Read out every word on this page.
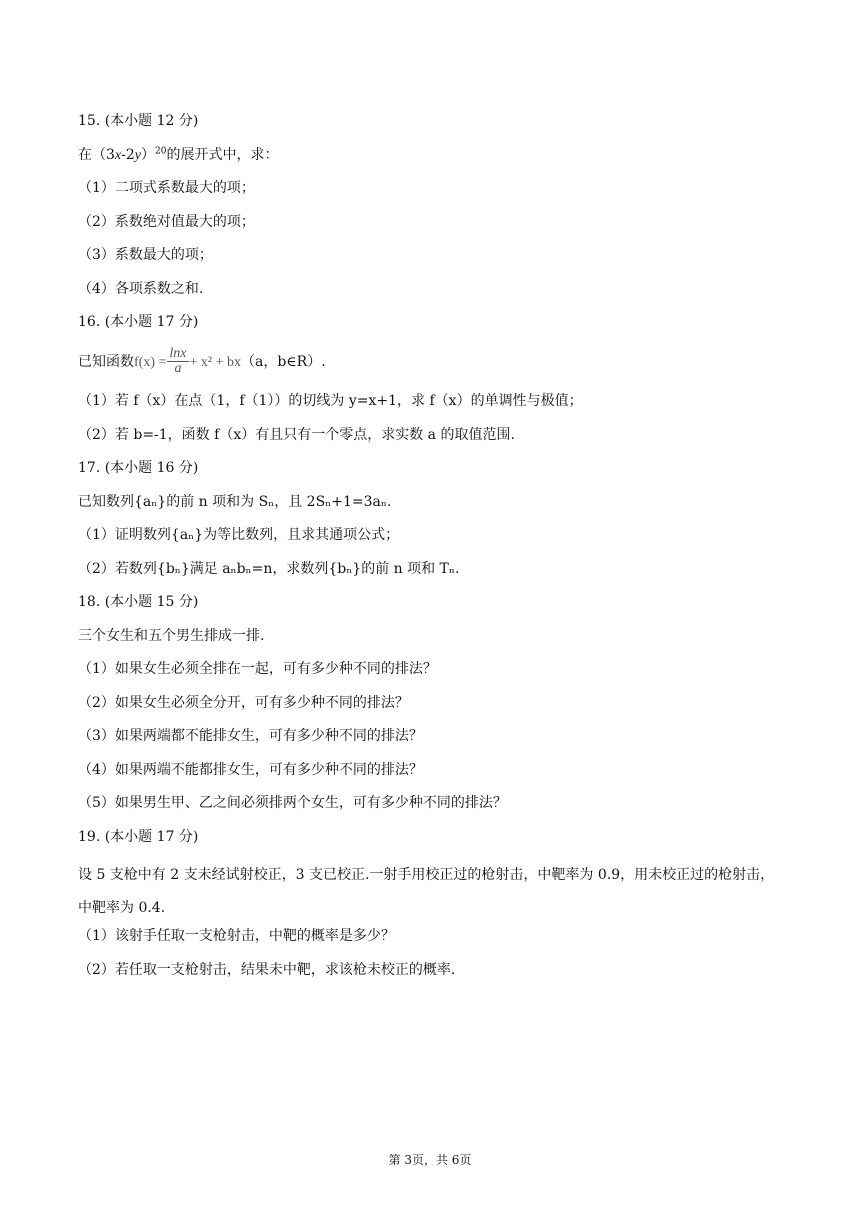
15. (本小题 12 分)
在$(3x-2y)^{20}$的展开式中，求：
（1）二项式系数最大的项；
（2）系数绝对值最大的项；
（3）系数最大的项；
（4）各项系数之和.
16. (本小题 17 分)
已知函数$f(x) = \frac{\ln x}{a} + x^2 + bx(a$，b∈R）.
（1）若 f（x）在点（1，f（1））的切线为 y=x+1，求 f（x）的单调性与极值；
（2）若 b=-1，函数 f（x）有且只有一个零点，求实数 a 的取值范围.
17. (本小题 16 分)
已知数列{aₙ}的前 n 项和为 Sₙ，且 2Sₙ+1=3aₙ.
（1）证明数列{aₙ}为等比数列，且求其通项公式；
（2）若数列{bₙ}满足 aₙbₙ=n，求数列{bₙ}的前 n 项和 Tₙ.
18. (本小题 15 分)
三个女生和五个男生排成一排.
（1）如果女生必须全排在一起，可有多少种不同的排法？
（2）如果女生必须全分开，可有多少种不同的排法？
（3）如果两端都不能排女生，可有多少种不同的排法？
（4）如果两端不能都排女生，可有多少种不同的排法？
（5）如果男生甲、乙之间必须排两个女生，可有多少种不同的排法？
19. (本小题 17 分)
设 5 支枪中有 2 支未经试射校正，3 支已校正.一射手用校正过的枪射击，中靶率为 0.9，用未校正过的枪射击，中靶率为 0.4.
（1）该射手任取一支枪射击，中靶的概率是多少？
（2）若任取一支枪射击，结果未中靶，求该枪未校正的概率.
第 3页，共 6页
